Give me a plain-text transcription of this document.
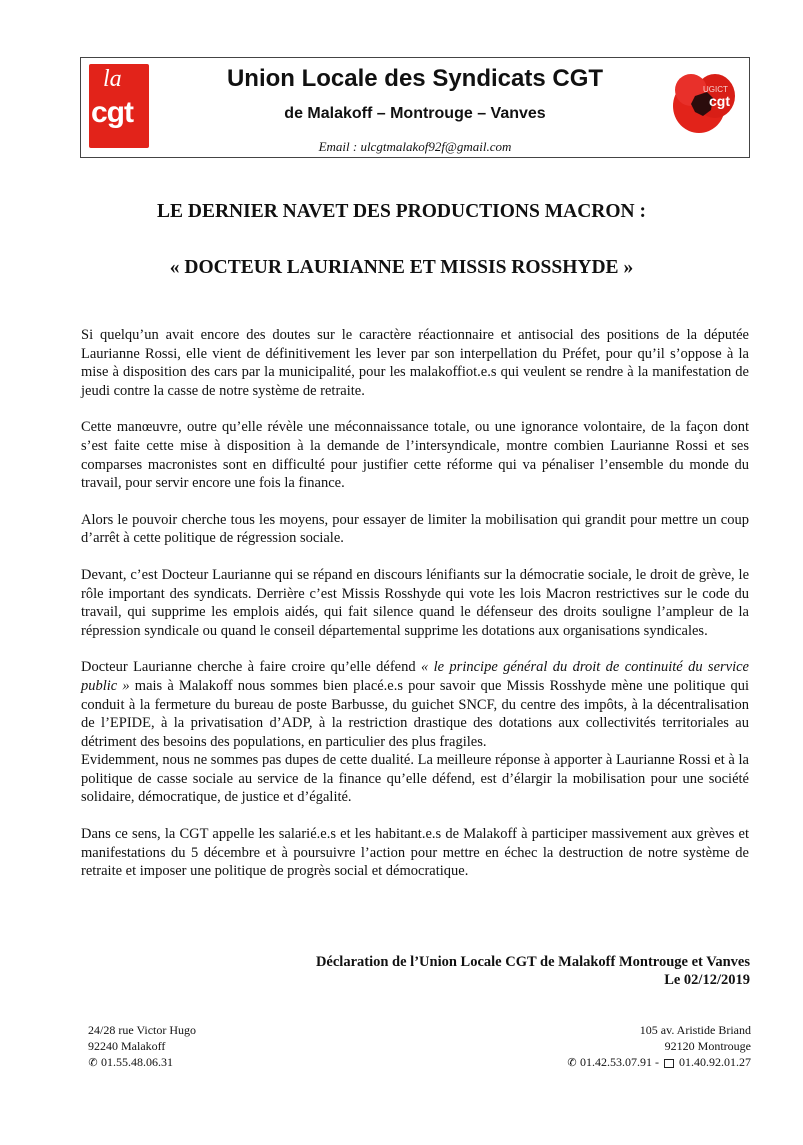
la
cgt
Union Locale des Syndicats CGT
de Malakoff – Montrouge – Vanves
Email : ulcgtmalakof92f@gmail.com
UGICT
cgt
LE DERNIER NAVET DES PRODUCTIONS MACRON :
« DOCTEUR LAURIANNE ET MISSIS ROSSHYDE »

Si quelqu’un avait encore des doutes sur le caractère réactionnaire et antisocial des positions de la députée Laurianne Rossi, elle vient de définitivement les lever par son interpellation du Préfet, pour qu’il s’oppose à la mise à disposition des cars par la municipalité, pour les malakoffiot.e.s qui veulent se rendre à la manifestation de jeudi contre la casse de notre système de retraite.

Cette manœuvre, outre qu’elle révèle une méconnaissance totale, ou une ignorance volontaire, de la façon dont s’est faite cette mise à disposition à la demande de l’intersyndicale, montre combien Laurianne Rossi et ses comparses macronistes sont en difficulté pour justifier cette réforme qui va pénaliser l’ensemble du monde du travail, pour servir encore une fois la finance.

Alors le pouvoir cherche tous les moyens, pour essayer de limiter la mobilisation qui grandit pour mettre un coup d’arrêt à cette politique de régression sociale.

Devant, c’est Docteur Laurianne qui se répand en discours lénifiants sur la démocratie sociale, le droit de grève, le rôle important des syndicats. Derrière c’est Missis Rosshyde qui vote les lois Macron restrictives sur le code du travail, qui supprime les emplois aidés, qui fait silence quand le défenseur des droits souligne l’ampleur de la répression syndicale ou quand le conseil départemental supprime les dotations aux organisations syndicales.

Docteur Laurianne cherche à faire croire qu’elle défend « le principe général du droit de continuité du service public » mais à Malakoff nous sommes bien placé.e.s pour savoir que Missis Rosshyde mène une politique qui conduit à la fermeture du bureau de poste Barbusse, du guichet SNCF, du centre des impôts, à la décentralisation de l’EPIDE, à la privatisation d’ADP, à la restriction drastique des dotations aux collectivités territoriales au détriment des besoins des populations, en particulier des plus fragiles.

Evidemment, nous ne sommes pas dupes de cette dualité. La meilleure réponse à apporter à Laurianne Rossi et à la politique de casse sociale au service de la finance qu’elle défend, est d’élargir la mobilisation pour une société solidaire, démocratique, de justice et d’égalité.

Dans ce sens, la CGT appelle les salarié.e.s et les habitant.e.s de Malakoff à participer massivement aux grèves et manifestations du 5 décembre et à poursuivre l’action pour mettre en échec la destruction de notre système de retraite et imposer une politique de progrès social et démocratique.

Déclaration de l’Union Locale CGT de Malakoff Montrouge et Vanves
Le 02/12/2019
24/28 rue Victor Hugo
92240 Malakoff
✆ 01.55.48.06.31
105 av. Aristide Briand
92120 Montrouge
✆ 01.42.53.07.91 -  01.40.92.01.27
